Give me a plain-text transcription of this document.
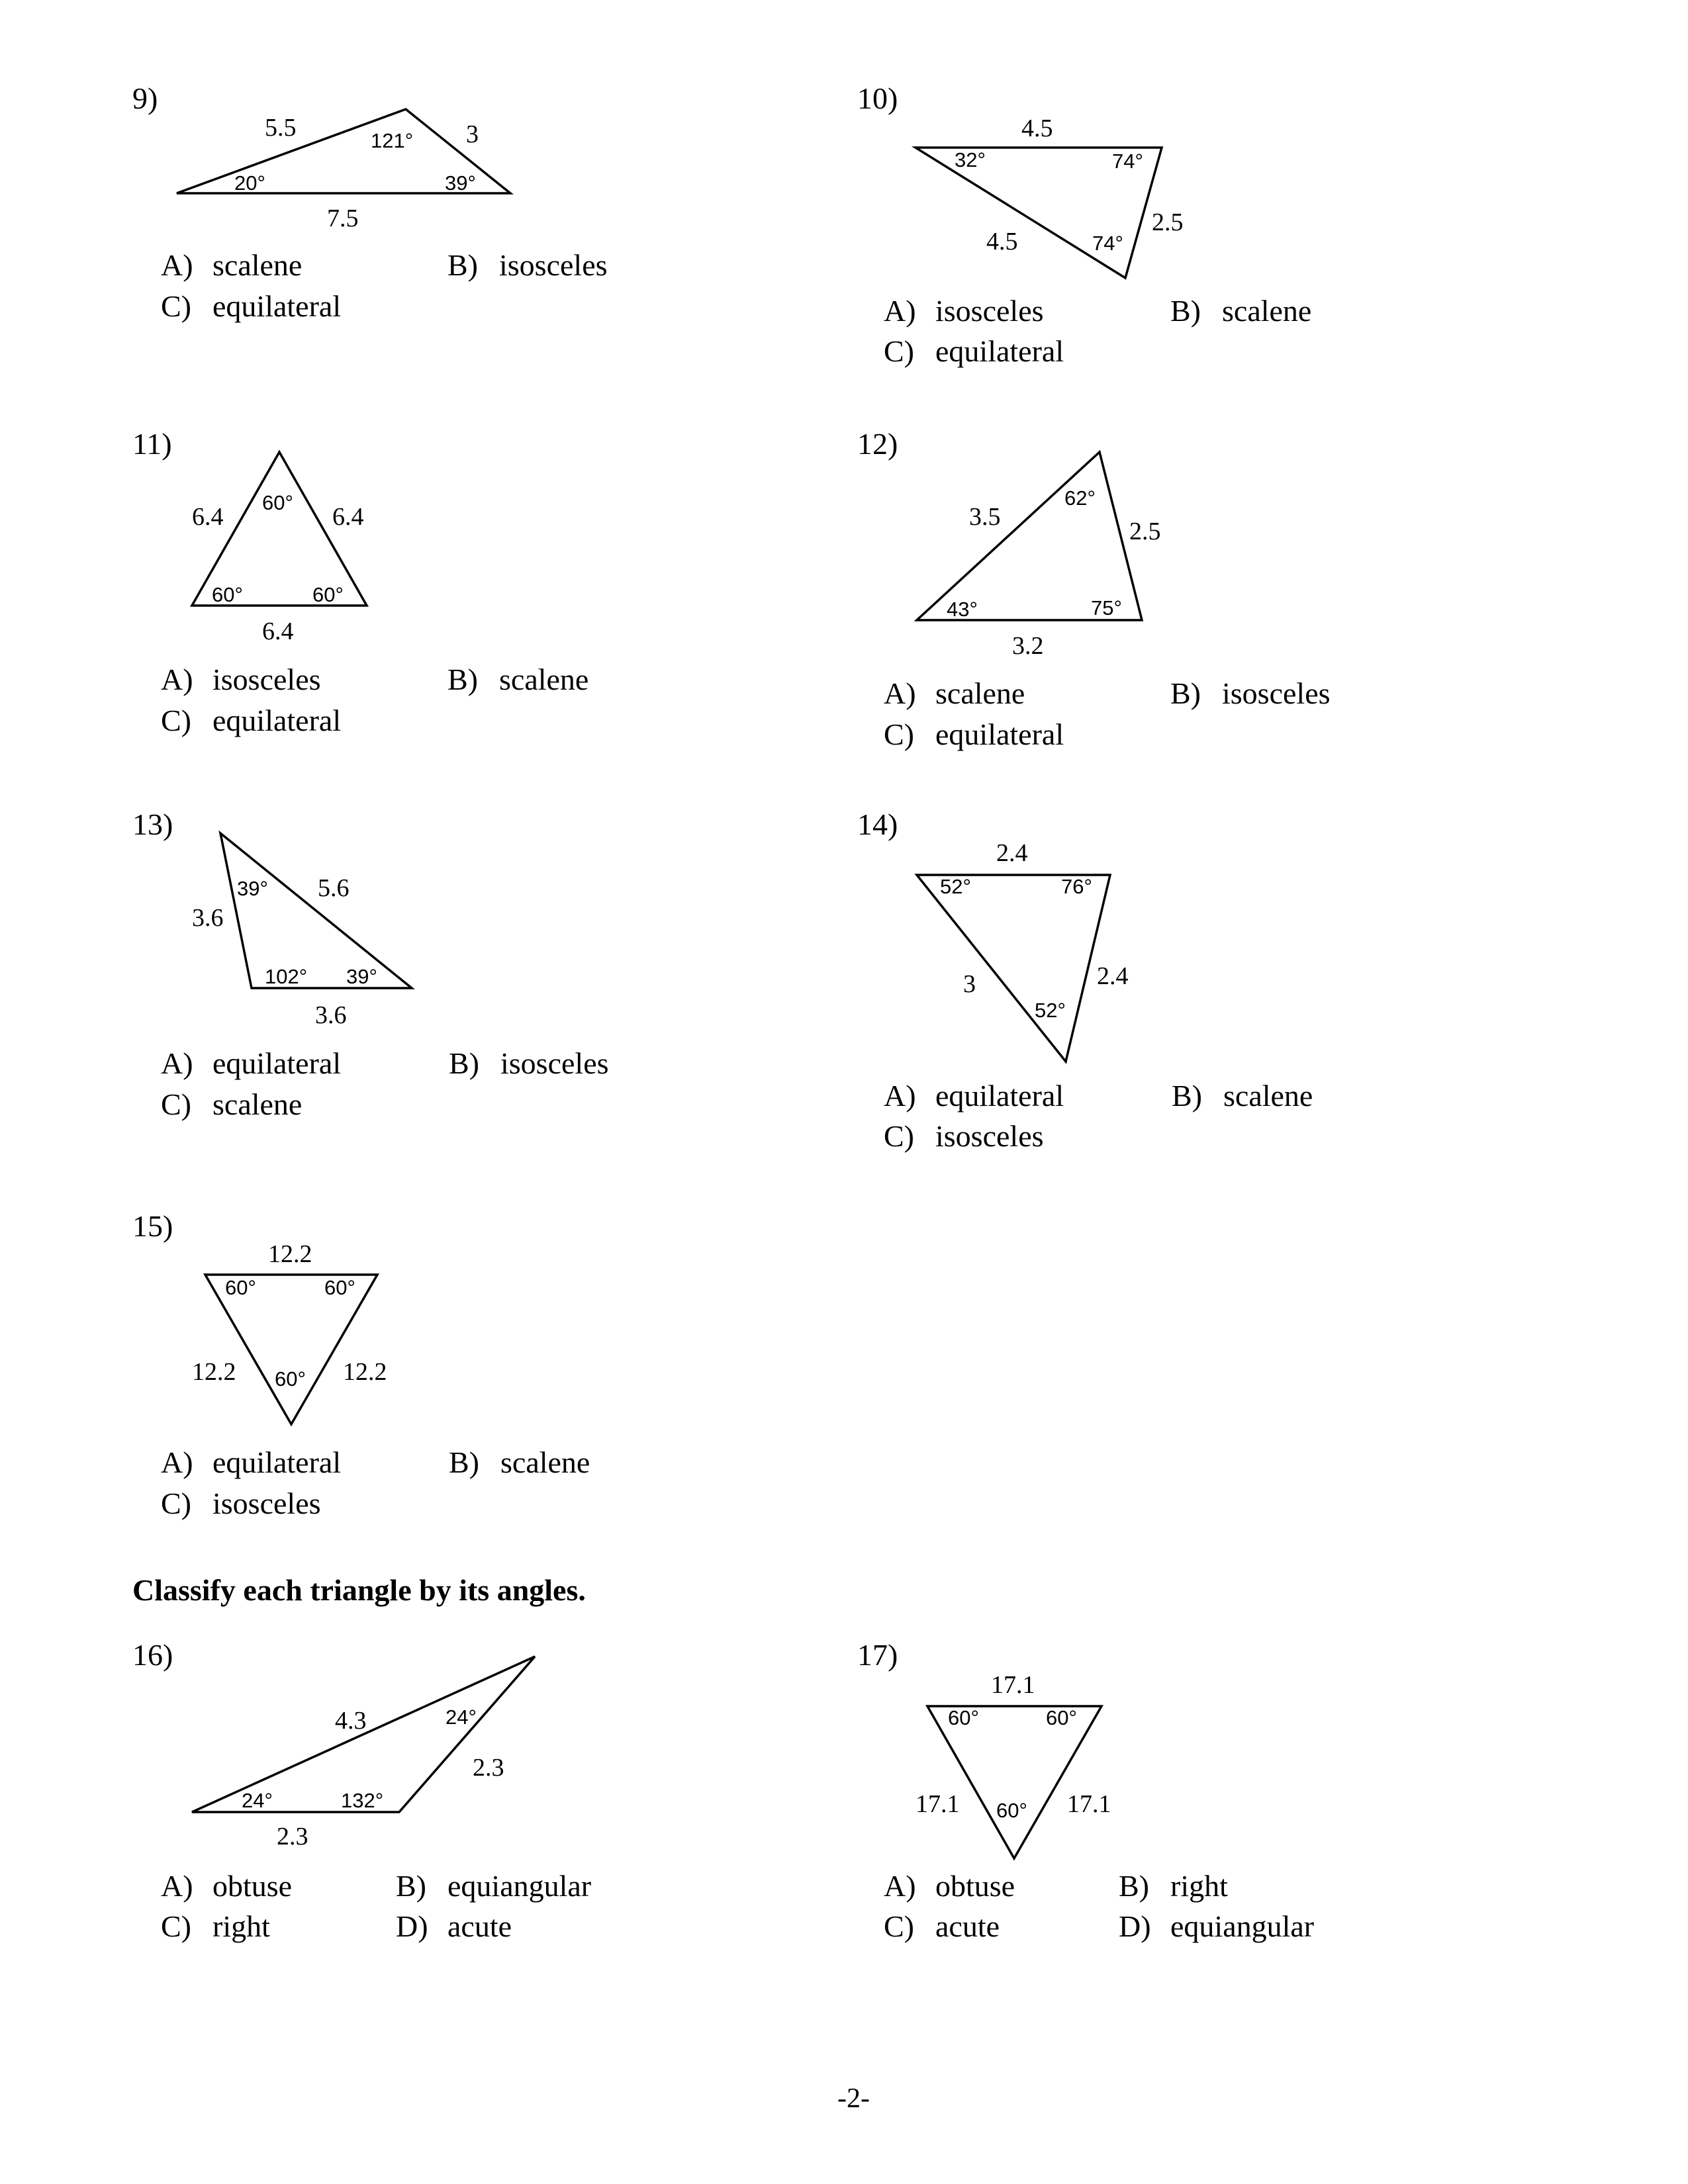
9)
5.5	3
7.5
121°
20°	39°
A) scalene	B) isosceles
C) equilateral
10)
4.5
4.5
2.5
32°	74°
74°
A) isosceles	B) scalene
C) equilateral
11)
6.4	6.4
6.4
60°
60°	60°
A) isosceles	B) scalene
C) equilateral
12)
3.5
2.5
3.2
62°
43°	75°
A) scalene	B) isosceles
C) equilateral
13)
3.6
5.6
3.6
39°
102° 39°
A) equilateral	B) isosceles
C) scalene
14)
2.4
3	2.4
52°	76°
52°
A) equilateral	B) scalene
C) isosceles
15)
12.2
12.2	12.2
60°	60°
60°
A) equilateral	B) scalene
C) isosceles
Classify each triangle by its angles.
16)
4.3
2.3
2.3
24°
24°	132°
A) obtuse	B) equiangular
C) right	D) acute
17)
17.1
17.1	17.1
60°	60°
60°
A) obtuse	B) right
C) acute	D) equiangular
-2-
